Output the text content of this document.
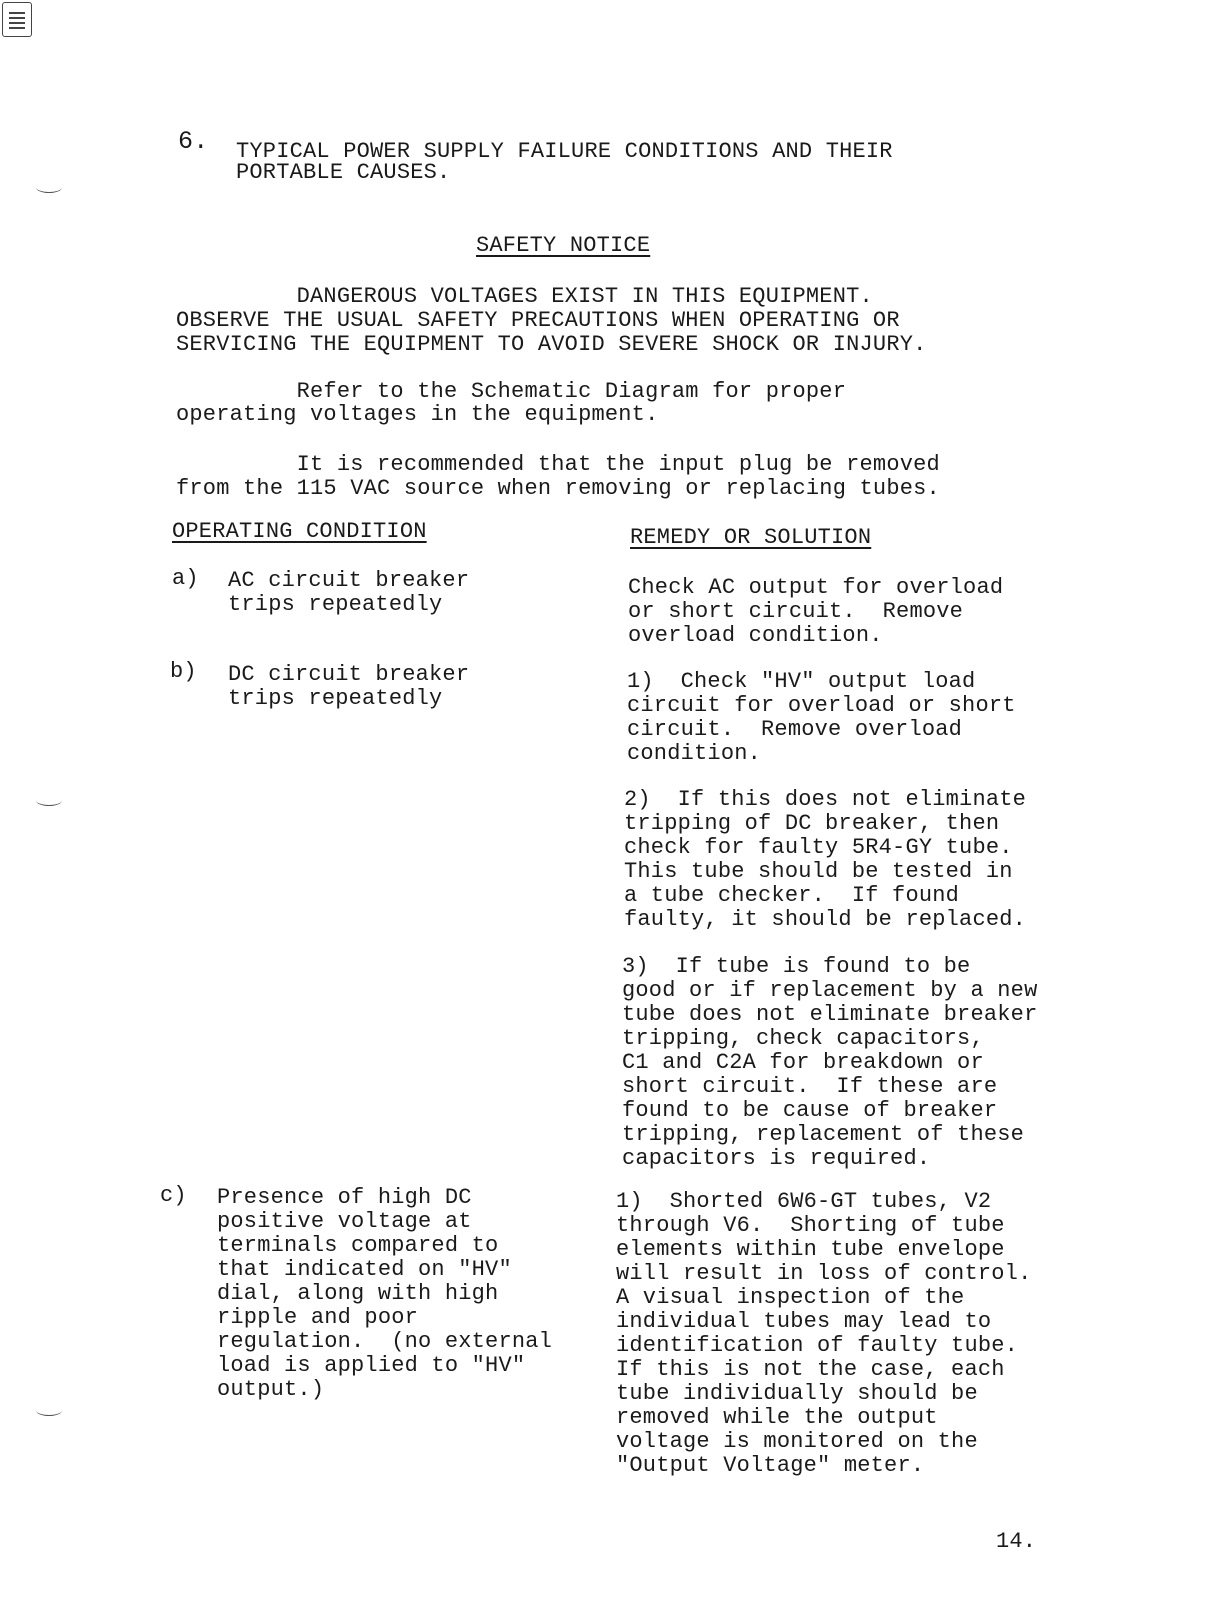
6. TYPICAL POWER SUPPLY FAILURE CONDITIONS AND THEIR
PORTABLE CAUSES.
SAFETY NOTICE
DANGEROUS VOLTAGES EXIST IN THIS EQUIPMENT.
OBSERVE THE USUAL SAFETY PRECAUTIONS WHEN OPERATING OR
SERVICING THE EQUIPMENT TO AVOID SEVERE SHOCK OR INJURY.
Refer to the Schematic Diagram for proper
operating voltages in the equipment.
It is recommended that the input plug be removed
from the 115 VAC source when removing or replacing tubes.
OPERATING CONDITION	REMEDY OR SOLUTION
a) AC circuit breaker
trips repeatedly
Check AC output for overload
or short circuit.  Remove
overload condition.
b) DC circuit breaker
trips repeatedly
1)  Check "HV" output load
circuit for overload or short
circuit.  Remove overload
condition.
2)  If this does not eliminate
tripping of DC breaker, then
check for faulty 5R4-GY tube.
This tube should be tested in
a tube checker.  If found
faulty, it should be replaced.
3)  If tube is found to be
good or if replacement by a new
tube does not eliminate breaker
tripping, check capacitors,
C1 and C2A for breakdown or
short circuit.  If these are
found to be cause of breaker
tripping, replacement of these
capacitors is required.
c) Presence of high DC
positive voltage at
terminals compared to
that indicated on "HV"
dial, along with high
ripple and poor
regulation.  (no external
load is applied to "HV"
output.)
1)  Shorted 6W6-GT tubes, V2
through V6.  Shorting of tube
elements within tube envelope
will result in loss of control.
A visual inspection of the
individual tubes may lead to
identification of faulty tube.
If this is not the case, each
tube individually should be
removed while the output
voltage is monitored on the
"Output Voltage" meter.
14.
